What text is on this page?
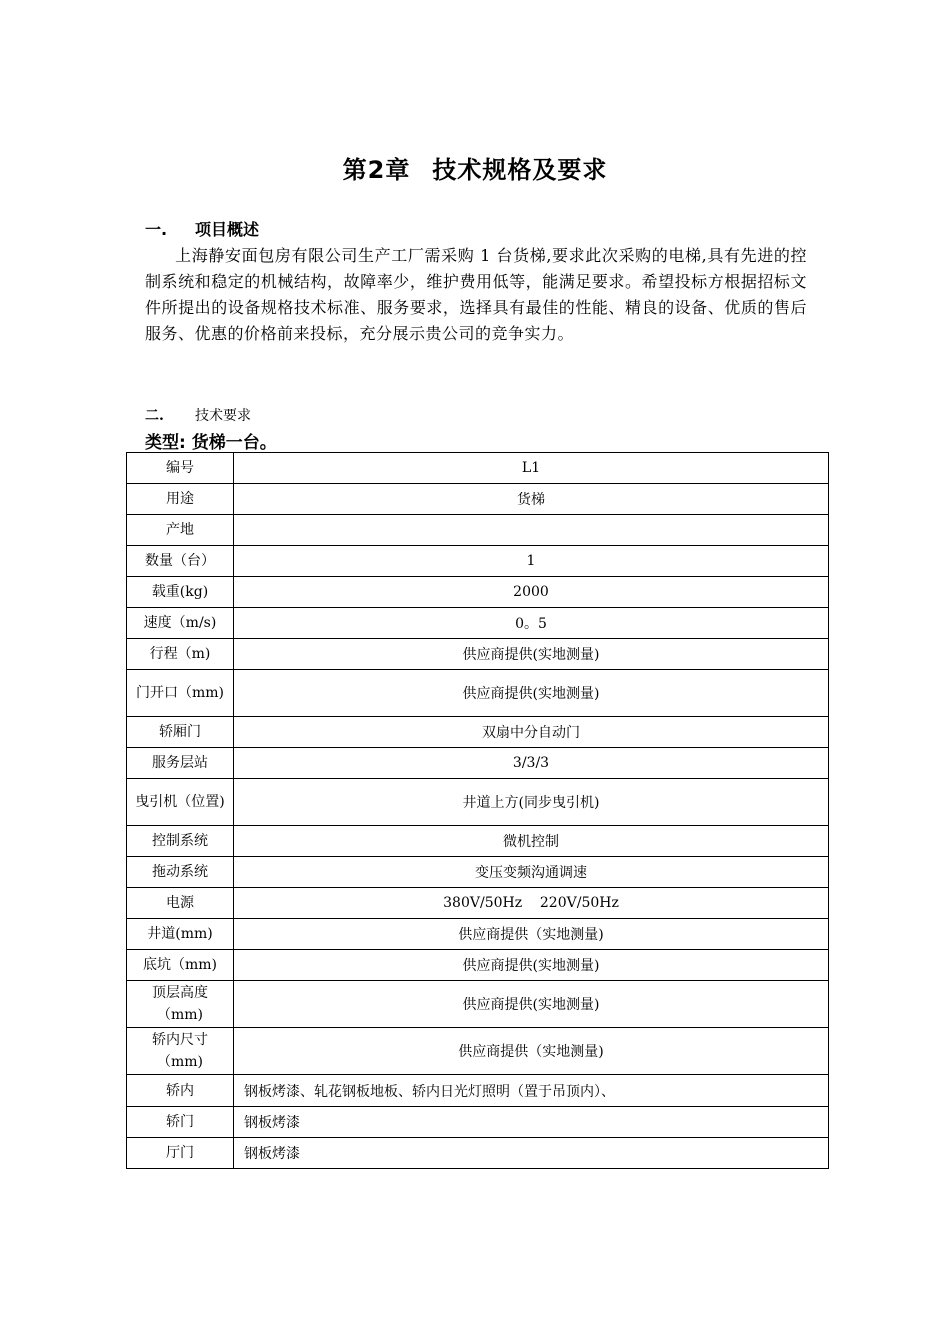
第2章 技术规格及要求
一. 项目概述
上海静安面包房有限公司生产工厂需采购 1 台货梯,要求此次采购的电梯,具有先进的控制系统和稳定的机械结构，故障率少，维护费用低等，能满足要求。希望投标方根据招标文件所提出的设备规格技术标准、服务要求，选择具有最佳的性能、精良的设备、优质的售后服务、优惠的价格前来投标，充分展示贵公司的竞争实力。
二. 技术要求
类型: 货梯一台。
编号	L1
用途	货梯
产地	
数量（台）	1
载重(kg)	2000
速度（m/s)	0。5
行程（m)	供应商提供(实地测量)
门开口（mm)	供应商提供(实地测量)
轿厢门	双扇中分自动门
服务层站	3/3/3
曳引机（位置)	井道上方(同步曳引机)
控制系统	微机控制
拖动系统	变压变频沟通调速
电源	380V/50Hz    220V/50Hz
井道(mm)	供应商提供（实地测量)
底坑（mm)	供应商提供(实地测量)
顶层高度（mm)	供应商提供(实地测量)
轿内尺寸（mm)	供应商提供（实地测量)
轿内	钢板烤漆、轧花钢板地板、轿内日光灯照明（置于吊顶内）、
轿门	钢板烤漆
厅门	钢板烤漆
